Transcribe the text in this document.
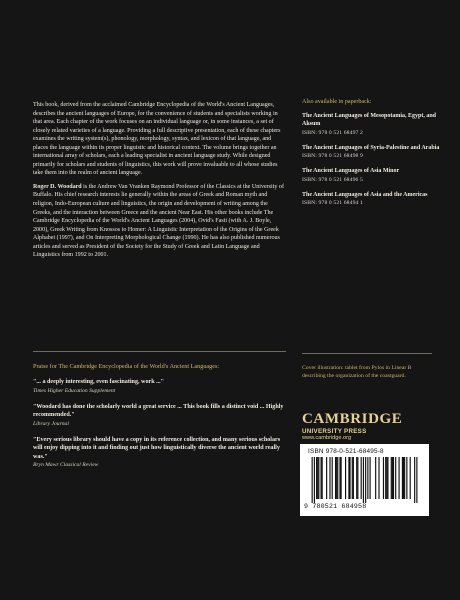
This book, derived from the acclaimed Cambridge Encyclopedia of the World's Ancient Languages, describes the ancient languages of Europe, for the convenience of students and specialists working in that area. Each chapter of the work focuses on an individual language or, in some instances, a set of closely related varieties of a language. Providing a full descriptive presentation, each of these chapters examines the writing system(s), phonology, morphology, syntax, and lexicon of that language, and places the language within its proper linguistic and historical context. The volume brings together an international array of scholars, each a leading specialist in ancient language study. While designed primarily for scholars and students of linguistics, this work will prove invaluable to all whose studies take them into the realm of ancient language.

Roger D. Woodard is the Andrew Van Vranken Raymond Professor of the Classics at the University of Buffalo. His chief research interests lie generally within the areas of Greek and Roman myth and religion, Indo-European culture and linguistics, the origin and development of writing among the Greeks, and the interaction between Greece and the ancient Near East. His other books include The Cambridge Encyclopedia of the World's Ancient Languages (2004), Ovid's Fasti (with A. J. Boyle, 2000), Greek Writing from Knossos to Homer: A Linguistic Interpretation of the Origins of the Greek Alphabet (1997), and On Interpreting Morphological Change (1990). He has also published numerous articles and served as President of the Society for the Study of Greek and Latin Language and Linguistics from 1992 to 2001.

Praise for The Cambridge Encyclopedia of the World's Ancient Languages:
"... a deeply interesting, even fascinating, work ..."
Times Higher Education Supplement
"Woodard has done the scholarly world a great service ... This book fills a distinct void ... Highly recommended."
Library Journal
"Every serious library should have a copy in its reference collection, and many serious scholars will enjoy dipping into it and finding out just how linguistically diverse the ancient world really was."
Bryn Mawr Classical Review
Also available in paperback:
The Ancient Languages of Mesopotamia, Egypt, and Aksum
ISBN: 978 0 521 68497 2
The Ancient Languages of Syria-Palestine and Arabia
ISBN: 978 0 521 68498 9
The Ancient Languages of Asia Minor
ISBN: 978 0 521 68496 5
The Ancient Languages of Asia and the Americas
ISBN: 978 0 521 68494 1
Cover illustration: tablet from Pylos in Linear B describing the organization of the coastguard.
CAMBRIDGE
UNIVERSITY PRESS
www.cambridge.org
ISBN 978-0-521-68495-8
9 780521 684958
